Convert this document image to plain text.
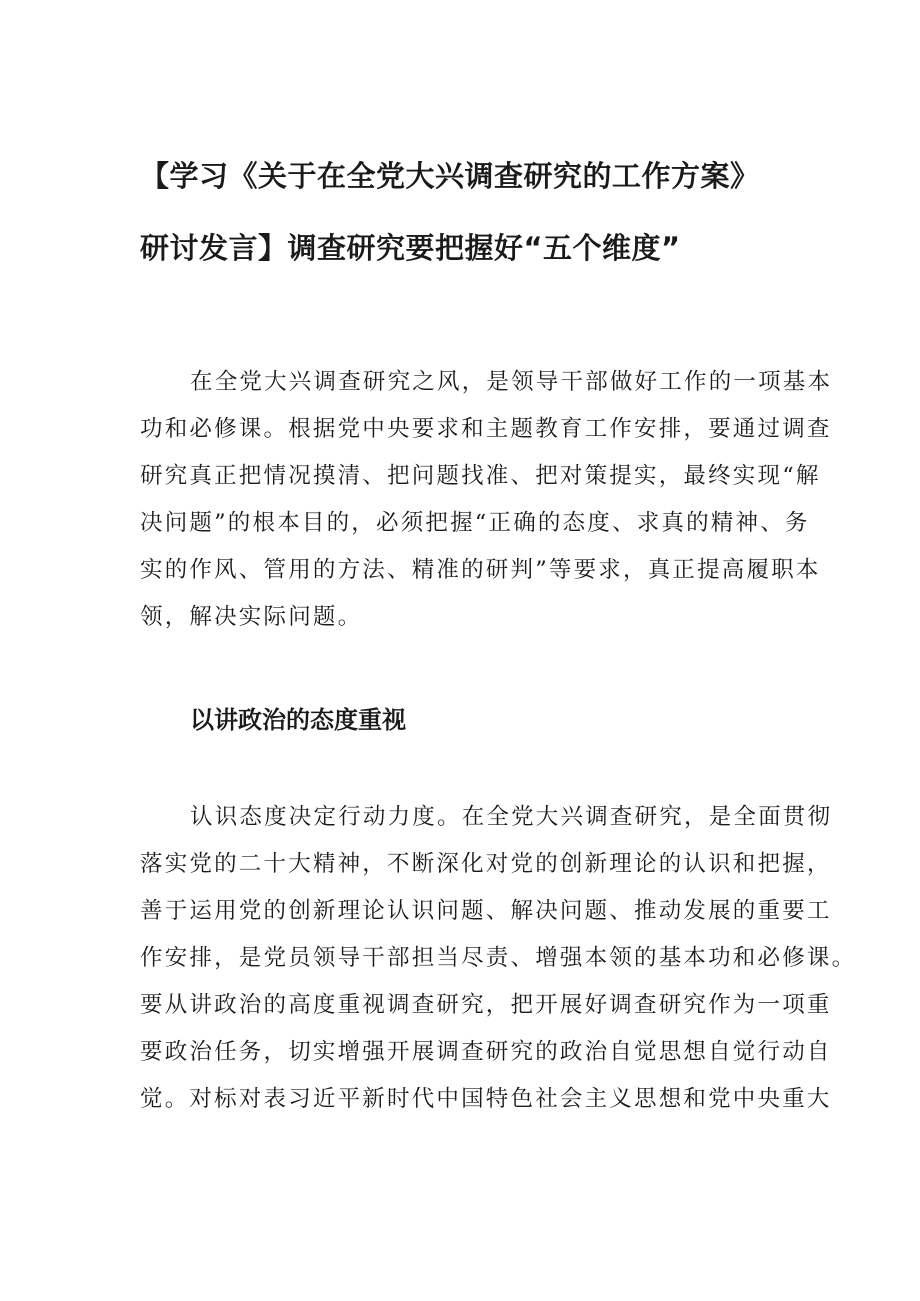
【学习《关于在全党大兴调查研究的工作方案》
研讨发言】调查研究要把握好“五个维度”

在全党大兴调查研究之风，是领导干部做好工作的一项基本
功和必修课。根据党中央要求和主题教育工作安排，要通过调查
研究真正把情况摸清、把问题找准、把对策提实，最终实现“解
决问题”的根本目的，必须把握“正确的态度、求真的精神、务
实的作风、管用的方法、精准的研判”等要求，真正提高履职本
领，解决实际问题。

以讲政治的态度重视

认识态度决定行动力度。在全党大兴调查研究，是全面贯彻
落实党的二十大精神，不断深化对党的创新理论的认识和把握，
善于运用党的创新理论认识问题、解决问题、推动发展的重要工
作安排，是党员领导干部担当尽责、增强本领的基本功和必修课。
要从讲政治的高度重视调查研究，把开展好调查研究作为一项重
要政治任务，切实增强开展调查研究的政治自觉思想自觉行动自
觉。对标对表习近平新时代中国特色社会主义思想和党中央重大
